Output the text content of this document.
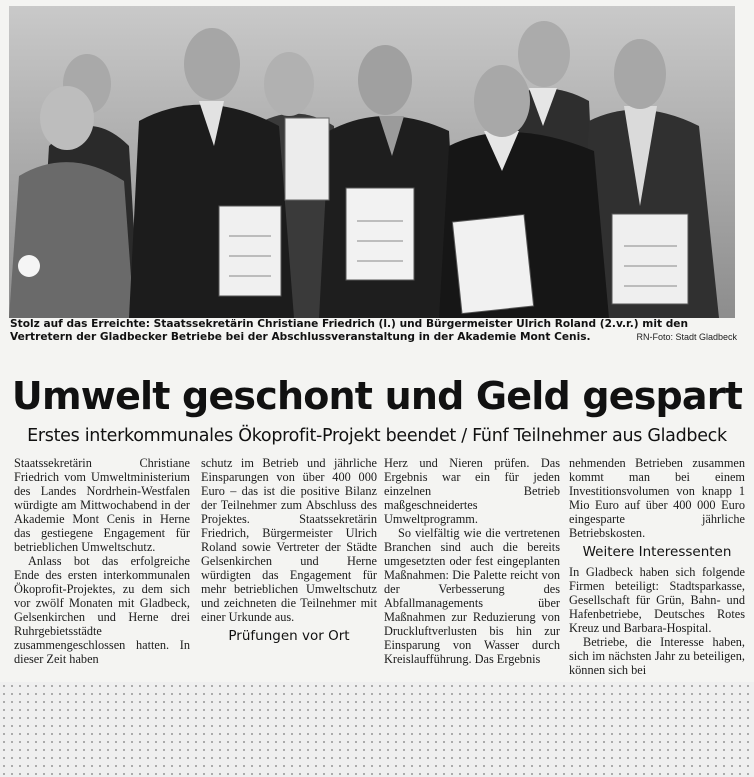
Stolz auf das Erreichte: Staatssekretärin Christiane Friedrich (l.) und Bürgermeister Ulrich Roland (2.v.r.) mit den Vertretern der Gladbecker Betriebe bei der Abschlussveranstaltung in der Akademie Mont Cenis.	RN-Foto: Stadt Gladbeck
Umwelt geschont und Geld gespart
Erstes interkommunales Ökoprofit-Projekt beendet / Fünf Teilnehmer aus Gladbeck

Staatssekretärin Christiane Friedrich vom Umweltministerium des Landes Nordrhein-Westfalen würdigte am Mittwochabend in der Akademie Mont Cenis in Herne das gestiegene Engagement für betrieblichen Umweltschutz.

Anlass bot das erfolgreiche Ende des ersten interkommunalen Ökoprofit-Projektes, zu dem sich vor zwölf Monaten mit Gladbeck, Gelsenkirchen und Herne drei Ruhrgebietsstädte zusammengeschlossen hatten. In dieser Zeit haben

schutz im Betrieb und jährliche Einsparungen von über 400 000 Euro – das ist die positive Bilanz der Teilnehmer zum Abschluss des Projektes. Staatssekretärin Friedrich, Bürgermeister Ulrich Roland sowie Vertreter der Städte Gelsenkirchen und Herne würdigten das Engagement für mehr betrieblichen Umweltschutz und zeichneten die Teilnehmer mit einer Urkunde aus.

Prüfungen vor Ort

Herz und Nieren prüfen. Das Ergebnis war ein für jeden einzelnen Betrieb maßgeschneidertes Umweltprogramm.

So vielfältig wie die vertretenen Branchen sind auch die bereits umgesetzten oder fest eingeplanten Maßnahmen: Die Palette reicht von der Verbesserung des Abfallmanagements über Maßnahmen zur Reduzierung von Druckluftverlusten bis hin zur Einsparung von Wasser durch Kreislaufführung. Das Ergebnis

nehmenden Betrieben zusammen kommt man bei einem Investitionsvolumen von knapp 1 Mio Euro auf über 400 000 Euro eingesparte jährliche Betriebskosten.

Weitere Interessenten

In Gladbeck haben sich folgende Firmen beteiligt: Stadtsparkasse, Gesellschaft für Grün, Bahn- und Hafenbetriebe, Deutsches Rotes Kreuz und Barbara-Hospital.

Betriebe, die Interesse haben, sich im nächsten Jahr zu beteiligen, können sich bei
